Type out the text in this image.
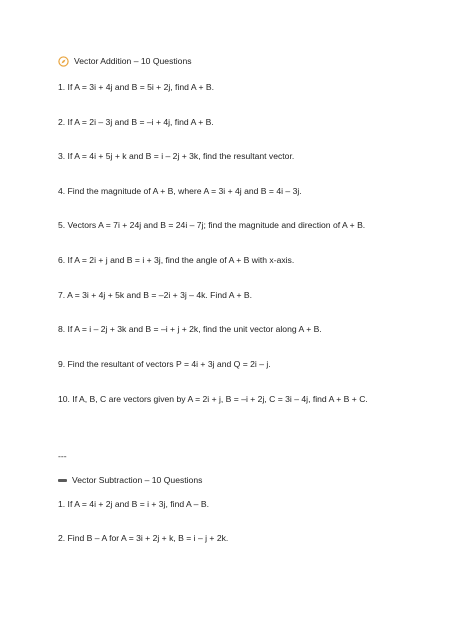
Vector Addition – 10 Questions
1. If A = 3i + 4j and B = 5i + 2j, find A + B.
2. If A = 2i – 3j and B = –i + 4j, find A + B.
3. If A = 4i + 5j + k and B = i – 2j + 3k, find the resultant vector.
4. Find the magnitude of A + B, where A = 3i + 4j and B = 4i – 3j.
5. Vectors A = 7i + 24j and B = 24i – 7j; find the magnitude and direction of A + B.
6. If A = 2i + j and B = i + 3j, find the angle of A + B with x-axis.
7. A = 3i + 4j + 5k and B = –2i + 3j – 4k. Find A + B.
8. If A = i – 2j + 3k and B = –i + j + 2k, find the unit vector along A + B.
9. Find the resultant of vectors P = 4i + 3j and Q = 2i – j.
10. If A, B, C are vectors given by A = 2i + j, B = –i + 2j, C = 3i – 4j, find A + B + C.
---
Vector Subtraction – 10 Questions
1. If A = 4i + 2j and B = i + 3j, find A – B.
2. Find B – A for A = 3i + 2j + k, B = i – j + 2k.
